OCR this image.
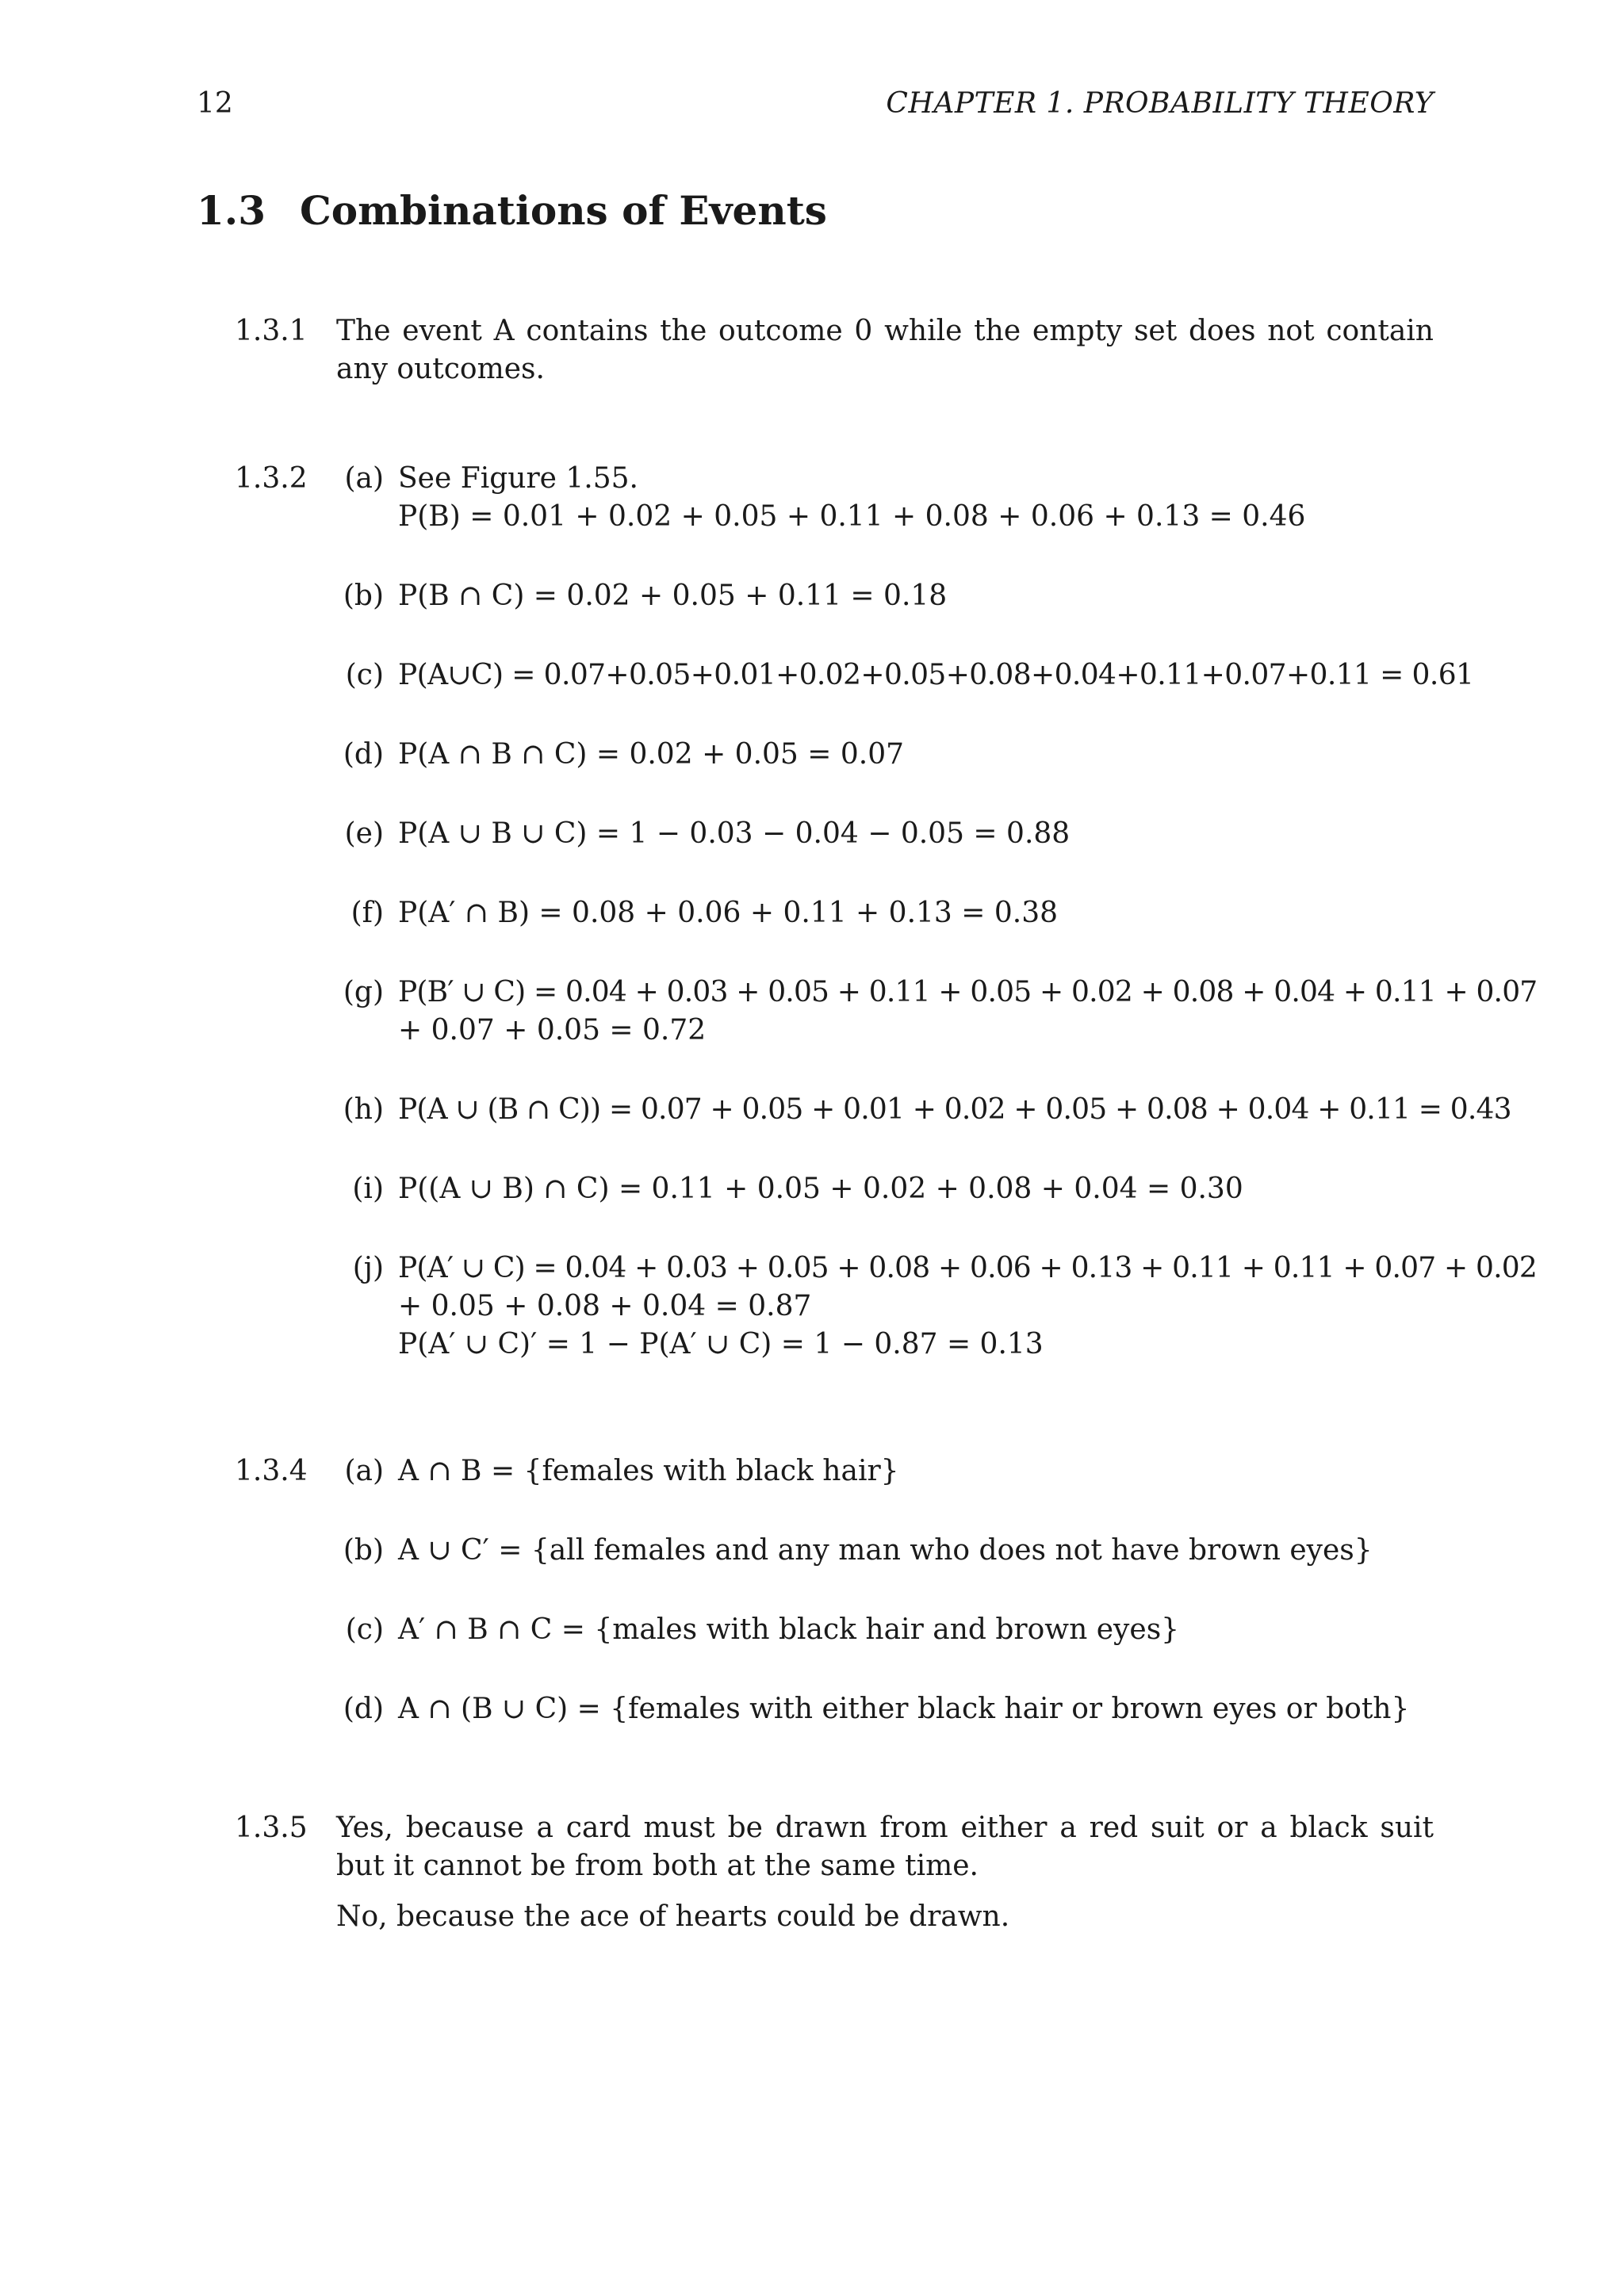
12	CHAPTER 1. PROBABILITY THEORY
1.3 Combinations of Events
1.3.1 The event A contains the outcome 0 while the empty set does not contain any outcomes.
1.3.2 (a) See Figure 1.55.
P(B) = 0.01 + 0.02 + 0.05 + 0.11 + 0.08 + 0.06 + 0.13 = 0.46
(b) P(B ∩ C) = 0.02 + 0.05 + 0.11 = 0.18
(c) P(A∪C) = 0.07+0.05+0.01+0.02+0.05+0.08+0.04+0.11+0.07+0.11 = 0.61
(d) P(A ∩ B ∩ C) = 0.02 + 0.05 = 0.07
(e) P(A ∪ B ∪ C) = 1 − 0.03 − 0.04 − 0.05 = 0.88
(f) P(A′ ∩ B) = 0.08 + 0.06 + 0.11 + 0.13 = 0.38
(g) P(B′ ∪ C) = 0.04 + 0.03 + 0.05 + 0.11 + 0.05 + 0.02 + 0.08 + 0.04 + 0.11 + 0.07
+ 0.07 + 0.05 = 0.72
(h) P(A ∪ (B ∩ C)) = 0.07 + 0.05 + 0.01 + 0.02 + 0.05 + 0.08 + 0.04 + 0.11 = 0.43
(i) P((A ∪ B) ∩ C) = 0.11 + 0.05 + 0.02 + 0.08 + 0.04 = 0.30
(j) P(A′ ∪ C) = 0.04 + 0.03 + 0.05 + 0.08 + 0.06 + 0.13 + 0.11 + 0.11 + 0.07 + 0.02
+ 0.05 + 0.08 + 0.04 = 0.87
P(A′ ∪ C)′ = 1 − P(A′ ∪ C) = 1 − 0.87 = 0.13
1.3.4 (a) A ∩ B = {females with black hair}
(b) A ∪ C′ = {all females and any man who does not have brown eyes}
(c) A′ ∩ B ∩ C = {males with black hair and brown eyes}
(d) A ∩ (B ∪ C) = {females with either black hair or brown eyes or both}
1.3.5 Yes, because a card must be drawn from either a red suit or a black suit but it cannot be from both at the same time.
No, because the ace of hearts could be drawn.
